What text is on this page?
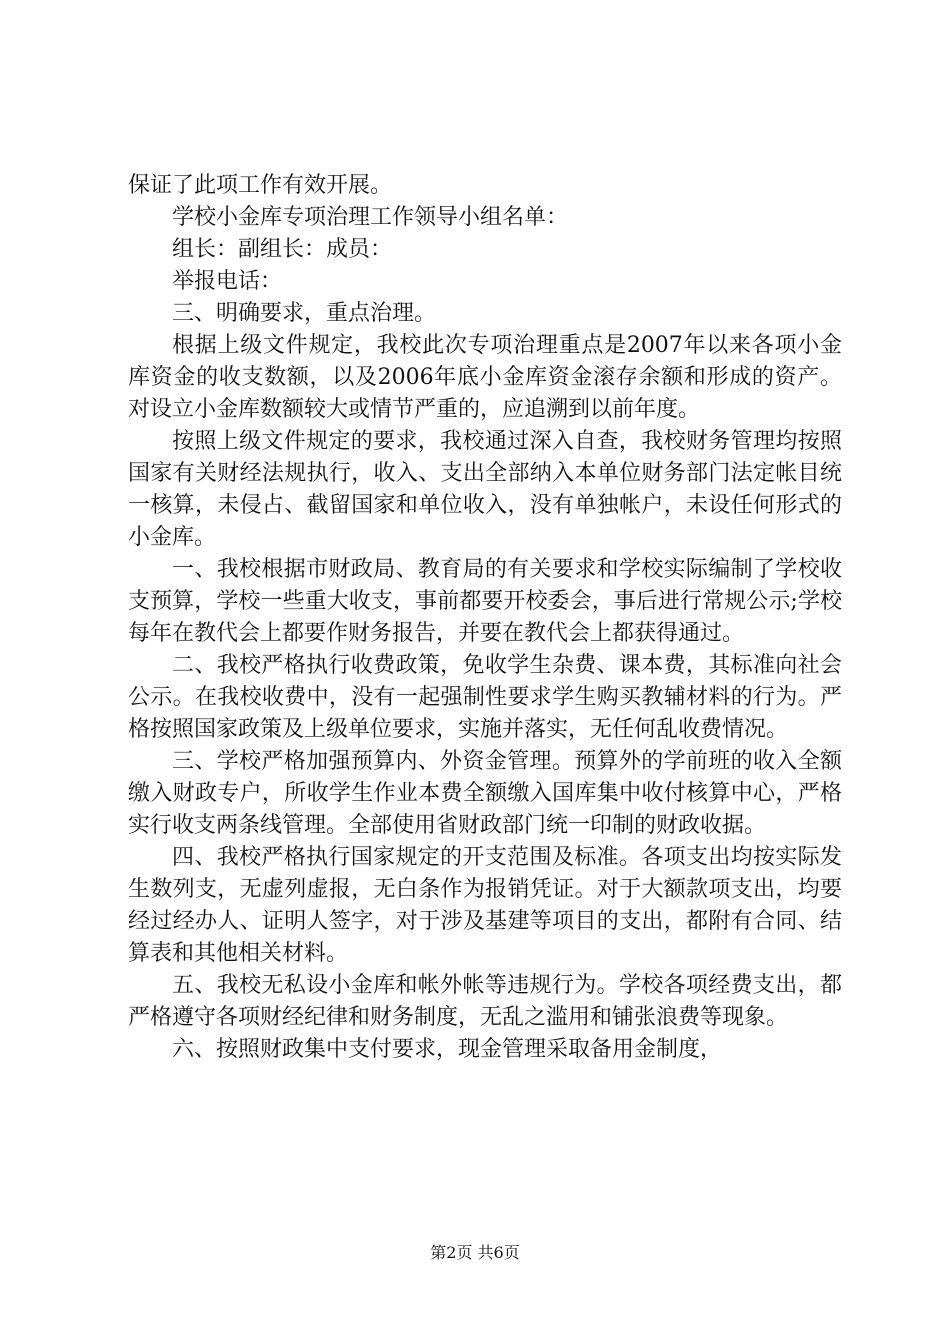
保证了此项工作有效开展。

学校小金库专项治理工作领导小组名单：

组长：副组长：成员：

举报电话：

三、明确要求，重点治理。

根据上级文件规定，我校此次专项治理重点是2007年以来各项小金库资金的收支数额，以及2006年底小金库资金滚存余额和形成的资产。对设立小金库数额较大或情节严重的，应追溯到以前年度。

按照上级文件规定的要求，我校通过深入自查，我校财务管理均按照国家有关财经法规执行，收入、支出全部纳入本单位财务部门法定帐目统一核算，未侵占、截留国家和单位收入，没有单独帐户，未设任何形式的小金库。

一、我校根据市财政局、教育局的有关要求和学校实际编制了学校收支预算，学校一些重大收支，事前都要开校委会，事后进行常规公示;学校每年在教代会上都要作财务报告，并要在教代会上都获得通过。

二、我校严格执行收费政策，免收学生杂费、课本费，其标准向社会公示。在我校收费中，没有一起强制性要求学生购买教辅材料的行为。严格按照国家政策及上级单位要求，实施并落实，无任何乱收费情况。

三、学校严格加强预算内、外资金管理。预算外的学前班的收入全额缴入财政专户，所收学生作业本费全额缴入国库集中收付核算中心，严格实行收支两条线管理。全部使用省财政部门统一印制的财政收据。

四、我校严格执行国家规定的开支范围及标准。各项支出均按实际发生数列支，无虚列虚报，无白条作为报销凭证。对于大额款项支出，均要经过经办人、证明人签字，对于涉及基建等项目的支出，都附有合同、结算表和其他相关材料。

五、我校无私设小金库和帐外帐等违规行为。学校各项经费支出，都严格遵守各项财经纪律和财务制度，无乱之滥用和铺张浪费等现象。

六、按照财政集中支付要求，现金管理采取备用金制度，

第2页 共6页
